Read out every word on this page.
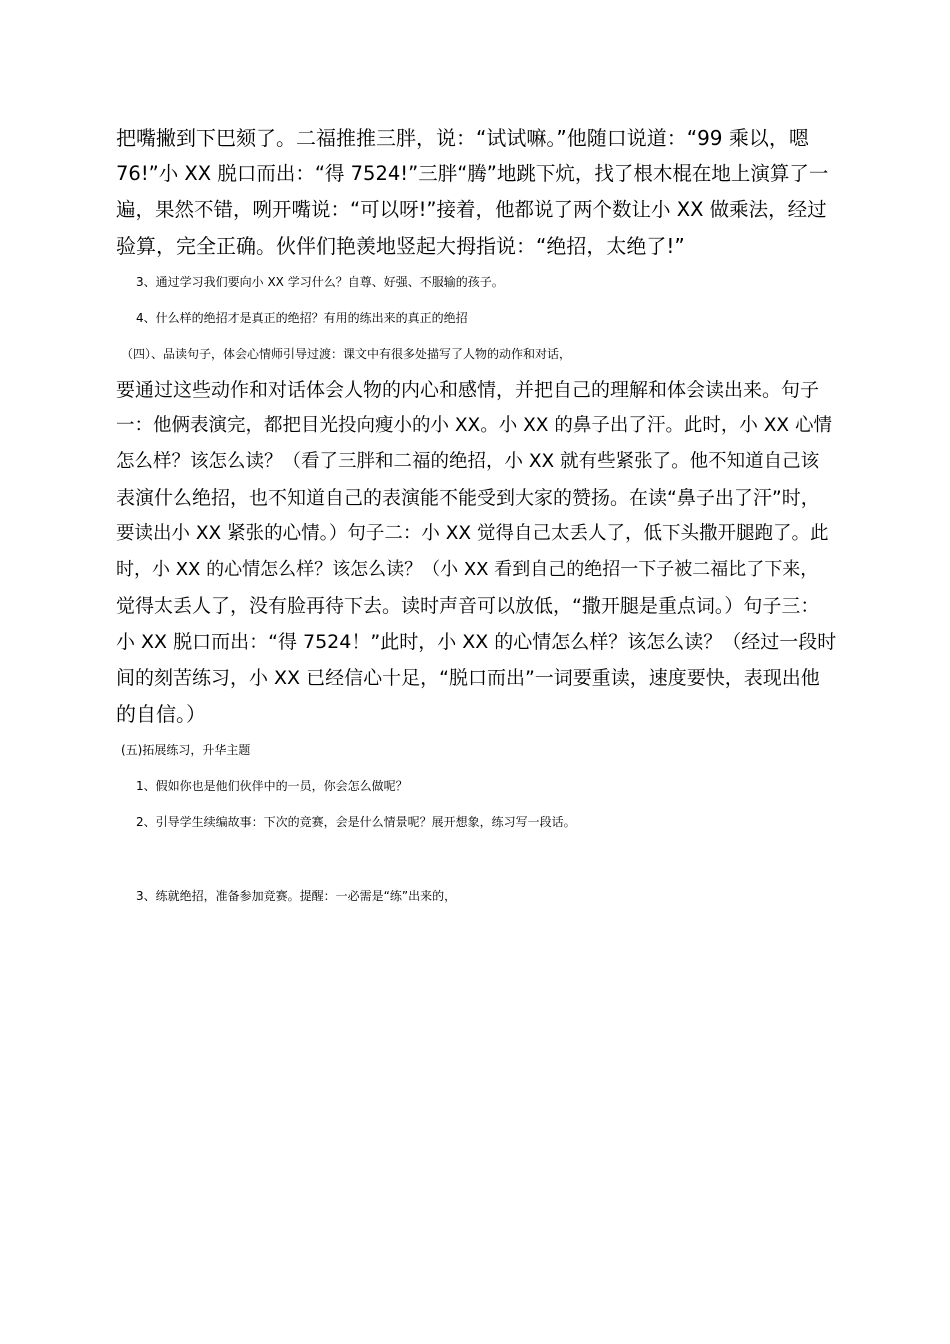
把嘴撇到下巴颏了。二福推推三胖，说：“试试嘛。”他随口说道：“99 乘以，嗯
76!”小 XX 脱口而出：“得 7524!”三胖“腾”地跳下炕，找了根木棍在地上演算了一
遍，果然不错，咧开嘴说：“可以呀!”接着，他都说了两个数让小 XX 做乘法，经过
验算，完全正确。伙伴们艳羡地竖起大拇指说：“绝招，太绝了!”
3、通过学习我们要向小 XX 学习什么？自尊、好强、不服输的孩子。
4、什么样的绝招才是真正的绝招？有用的练出来的真正的绝招
（四）、品读句子，体会心情师引导过渡：课文中有很多处描写了人物的动作和对话，
要通过这些动作和对话体会人物的内心和感情，并把自己的理解和体会读出来。句子
一：他俩表演完，都把目光投向瘦小的小 XX。小 XX 的鼻子出了汗。此时，小 XX 心情
怎么样？该怎么读？（看了三胖和二福的绝招，小 XX 就有些紧张了。他不知道自己该
表演什么绝招，也不知道自己的表演能不能受到大家的赞扬。在读“鼻子出了汗”时，
要读出小 XX 紧张的心情。）句子二：小 XX 觉得自己太丢人了，低下头撒开腿跑了。此
时，小 XX 的心情怎么样？该怎么读？（小 XX 看到自己的绝招一下子被二福比了下来，
觉得太丢人了，没有脸再待下去。读时声音可以放低，“撒开腿是重点词。）句子三：
小 XX 脱口而出：“得 7524！”此时，小 XX 的心情怎么样？该怎么读？（经过一段时
间的刻苦练习，小 XX 已经信心十足，“脱口而出”一词要重读，速度要快，表现出他
的自信。）
(五)拓展练习，升华主题
1、假如你也是他们伙伴中的一员，你会怎么做呢？
2、引导学生续编故事：下次的竞赛，会是什么情景呢？展开想象，练习写一段话。
3、练就绝招，准备参加竞赛。提醒：一必需是“练”出来的，
